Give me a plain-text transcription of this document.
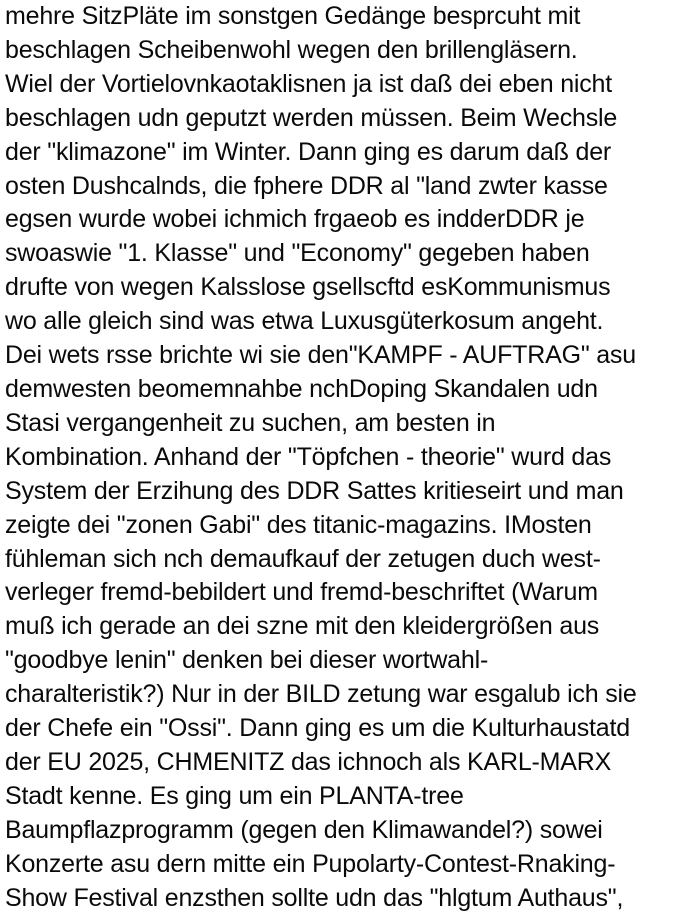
mehre SitzPläte im sonstgen Gedänge besprcuht mit
beschlagen Scheibenwohl wegen den brillengläsern.
Wiel der Vortielovnkaotaklisnen ja ist daß dei eben nicht
beschlagen udn geputzt werden müssen. Beim Wechsle
der "klimazone" im Winter. Dann ging es darum daß der
osten Dushcalnds, die fphere DDR al "land zwter kasse
egsen wurde wobei ichmich frgaeob es indderDDR je
swoaswie "1. Klasse" und "Economy" gegeben haben
drufte von wegen Kalsslose gsellscftd esKommunismus
wo alle gleich sind was etwa Luxusgüterkosum angeht.
Dei wets rsse brichte wi sie den"KAMPF - AUFTRAG" asu
demwesten beomemnahbe nchDoping Skandalen udn
Stasi vergangenheit zu suchen, am besten in
Kombination. Anhand der "Töpfchen - theorie" wurd das
System der Erzihung des DDR Sattes kritieseirt und man
zeigte dei "zonen Gabi" des titanic-magazins. IMosten
fühleman sich nch demaufkauf der zetugen duch west-
verleger fremd-bebildert und fremd-beschriftet (Warum
muß ich gerade an dei szne mit den kleidergrößen aus
"goodbye lenin" denken bei dieser wortwahl-
charalteristik?) Nur in der BILD zetung war esgalub ich sie
der Chefe ein "Ossi". Dann ging es um die Kulturhaustatd
der EU 2025, CHMENITZ das ichnoch als KARL-MARX
Stadt kenne. Es ging um ein PLANTA-tree
Baumpflazprogramm (gegen den Klimawandel?) sowei
Konzerte asu dern mitte ein Pupolarty-Contest-Rnaking-
Show Festival enzsthen sollte udn das "hlgtum Authaus",
